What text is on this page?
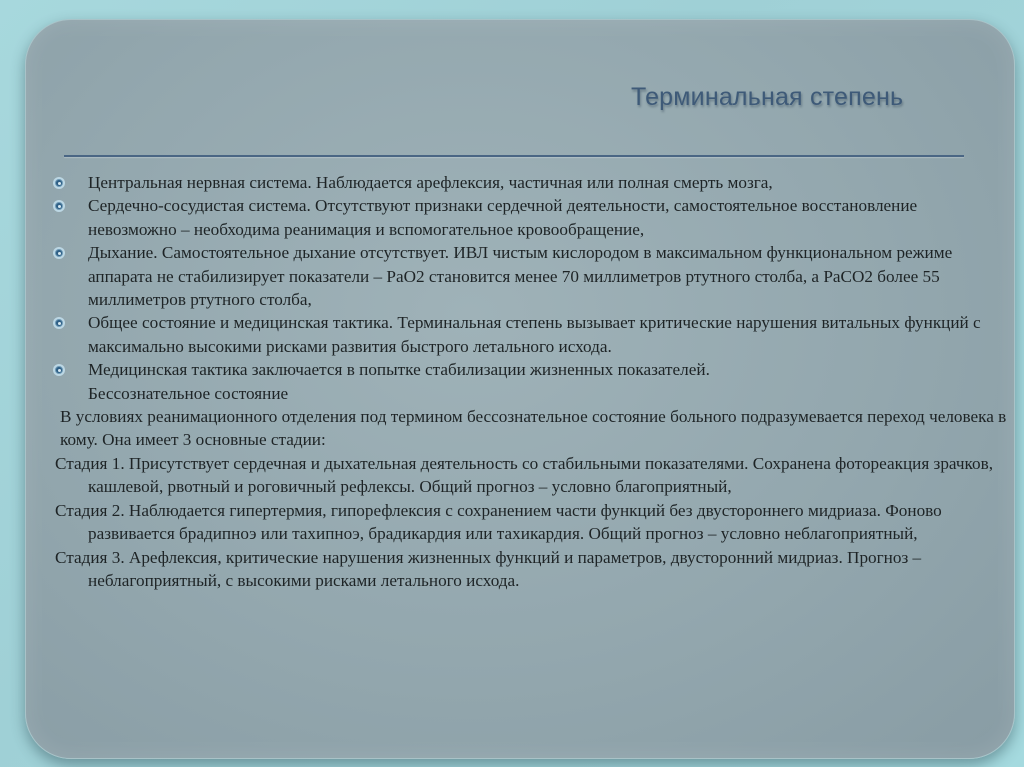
Терминальная степень
Центральная нервная система. Наблюдается арефлексия, частичная или полная смерть мозга,
Сердечно-сосудистая система. Отсутствуют признаки сердечной деятельности, самостоятельное восстановление невозможно – необходима реанимация и вспомогательное кровообращение,
Дыхание. Самостоятельное дыхание отсутствует. ИВЛ чистым кислородом в максимальном функциональном режиме аппарата не стабилизирует показатели – PaO2 становится менее 70 миллиметров ртутного столба, а PaCO2 более 55 миллиметров ртутного столба,
Общее состояние и медицинская тактика. Терминальная степень вызывает критические нарушения витальных функций с максимально высокими рисками развития быстрого летального исхода.
Медицинская тактика заключается в попытке стабилизации жизненных показателей.
Бессознательное состояние
В условиях реанимационного отделения под термином бессознательное состояние больного подразумевается переход человека в кому. Она имеет 3 основные стадии:
Стадия 1. Присутствует сердечная и дыхательная деятельность со стабильными показателями. Сохранена фотореакция зрачков, кашлевой, рвотный и роговичный рефлексы. Общий прогноз – условно благоприятный,
Стадия 2. Наблюдается гипертермия, гипорефлексия с сохранением части функций без двустороннего мидриаза. Фоново развивается брадипноэ или тахипноэ, брадикардия или тахикардия. Общий прогноз – условно неблагоприятный,
Стадия 3. Арефлексия, критические нарушения жизненных функций и параметров, двусторонний мидриаз. Прогноз – неблагоприятный, с высокими рисками летального исхода.
